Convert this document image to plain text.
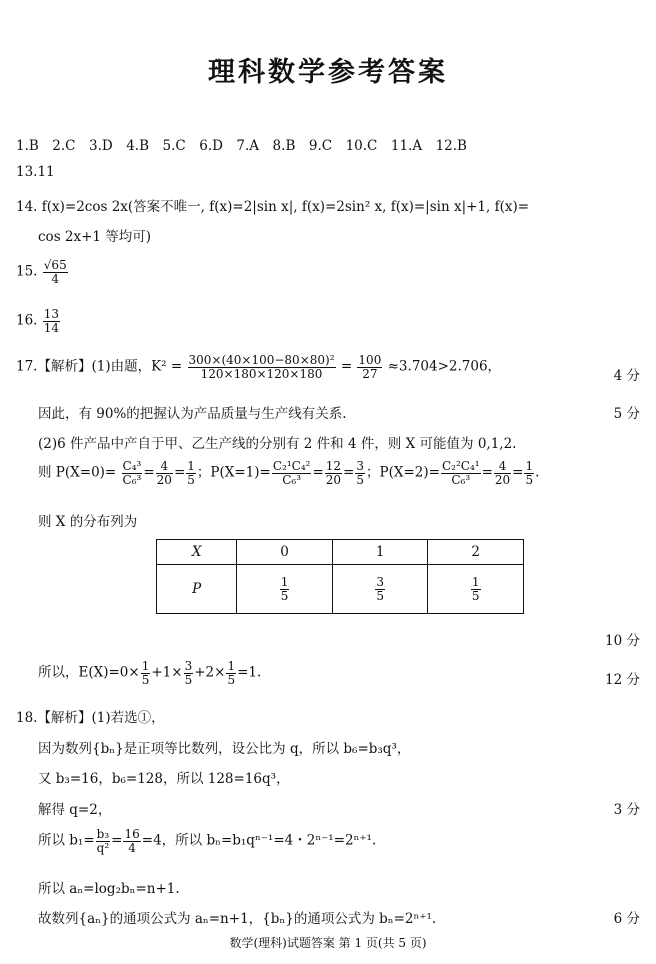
理科数学参考答案
1.B　2.C　3.D　4.B　5.C　6.D　7.A　8.B　9.C　10.C　11.A　12.B
13.11
14. f(x)=2cos 2x(答案不唯一, f(x)=2|sin x|, f(x)=2sin² x, f(x)=|sin x|+1, f(x)=
cos 2x+1 等均可)
15. $\frac{√65}{4}$
16. $\frac{13}{14}$
17.【解析】(1)由题，$K^2 = \frac{\text{300×(40×100−80×80)²}}{120\times 180\times 120\times 180} = \frac{100}{27} \approx 3.704>2.706$，
4 分
因此，有 90%的把握认为产品质量与生产线有关系.	5 分
(2)6 件产品中产自于甲、乙生产线的分别有 2 件和 4 件，则 X 可能值为 0,1,2.
则 $P(X=0)= \frac{\text{C₄³}}{\text{C₆³}} = \frac{4}{20} = \frac{1}{5}$ ；$P(X=1)= \frac{\text{C₂¹C₄²}}{\text{C₆³}} = \frac{12}{20} = \frac{3}{5}$ ；$P(X=2)= \frac{\text{C₂²C₄¹}}{\text{C₆³}} = \frac{4}{20} = \frac{1}{5}$ .
则 X 的分布列为
X	0	1	2
P	$\frac{1}{5}$	$\frac{3}{5}$	$\frac{1}{5}$
10 分
所以，$E(X)=0\times \frac{1}{5} +1\times \frac{3}{5} +2\times \frac{1}{5} =1$.	12 分
18.【解析】(1)若选①，
因为数列{bₙ}是正项等比数列，设公比为 q，所以 b₆=b₃q³，
又 b₃=16，b₆=128，所以 128=16q³，
解得 q=2，	3 分
所以 $b_1= \frac{\text{b₃}}{\text{q²}} = \frac{16}{4} =4$，所以 bₙ=b₁qⁿ⁻¹=4・2ⁿ⁻¹=2ⁿ⁺¹.
所以 aₙ=log₂bₙ=n+1.
故数列{aₙ}的通项公式为 aₙ=n+1，{bₙ}的通项公式为 bₙ=2ⁿ⁺¹.	6 分
数学(理科)试题答案 第 1 页(共 5 页)
